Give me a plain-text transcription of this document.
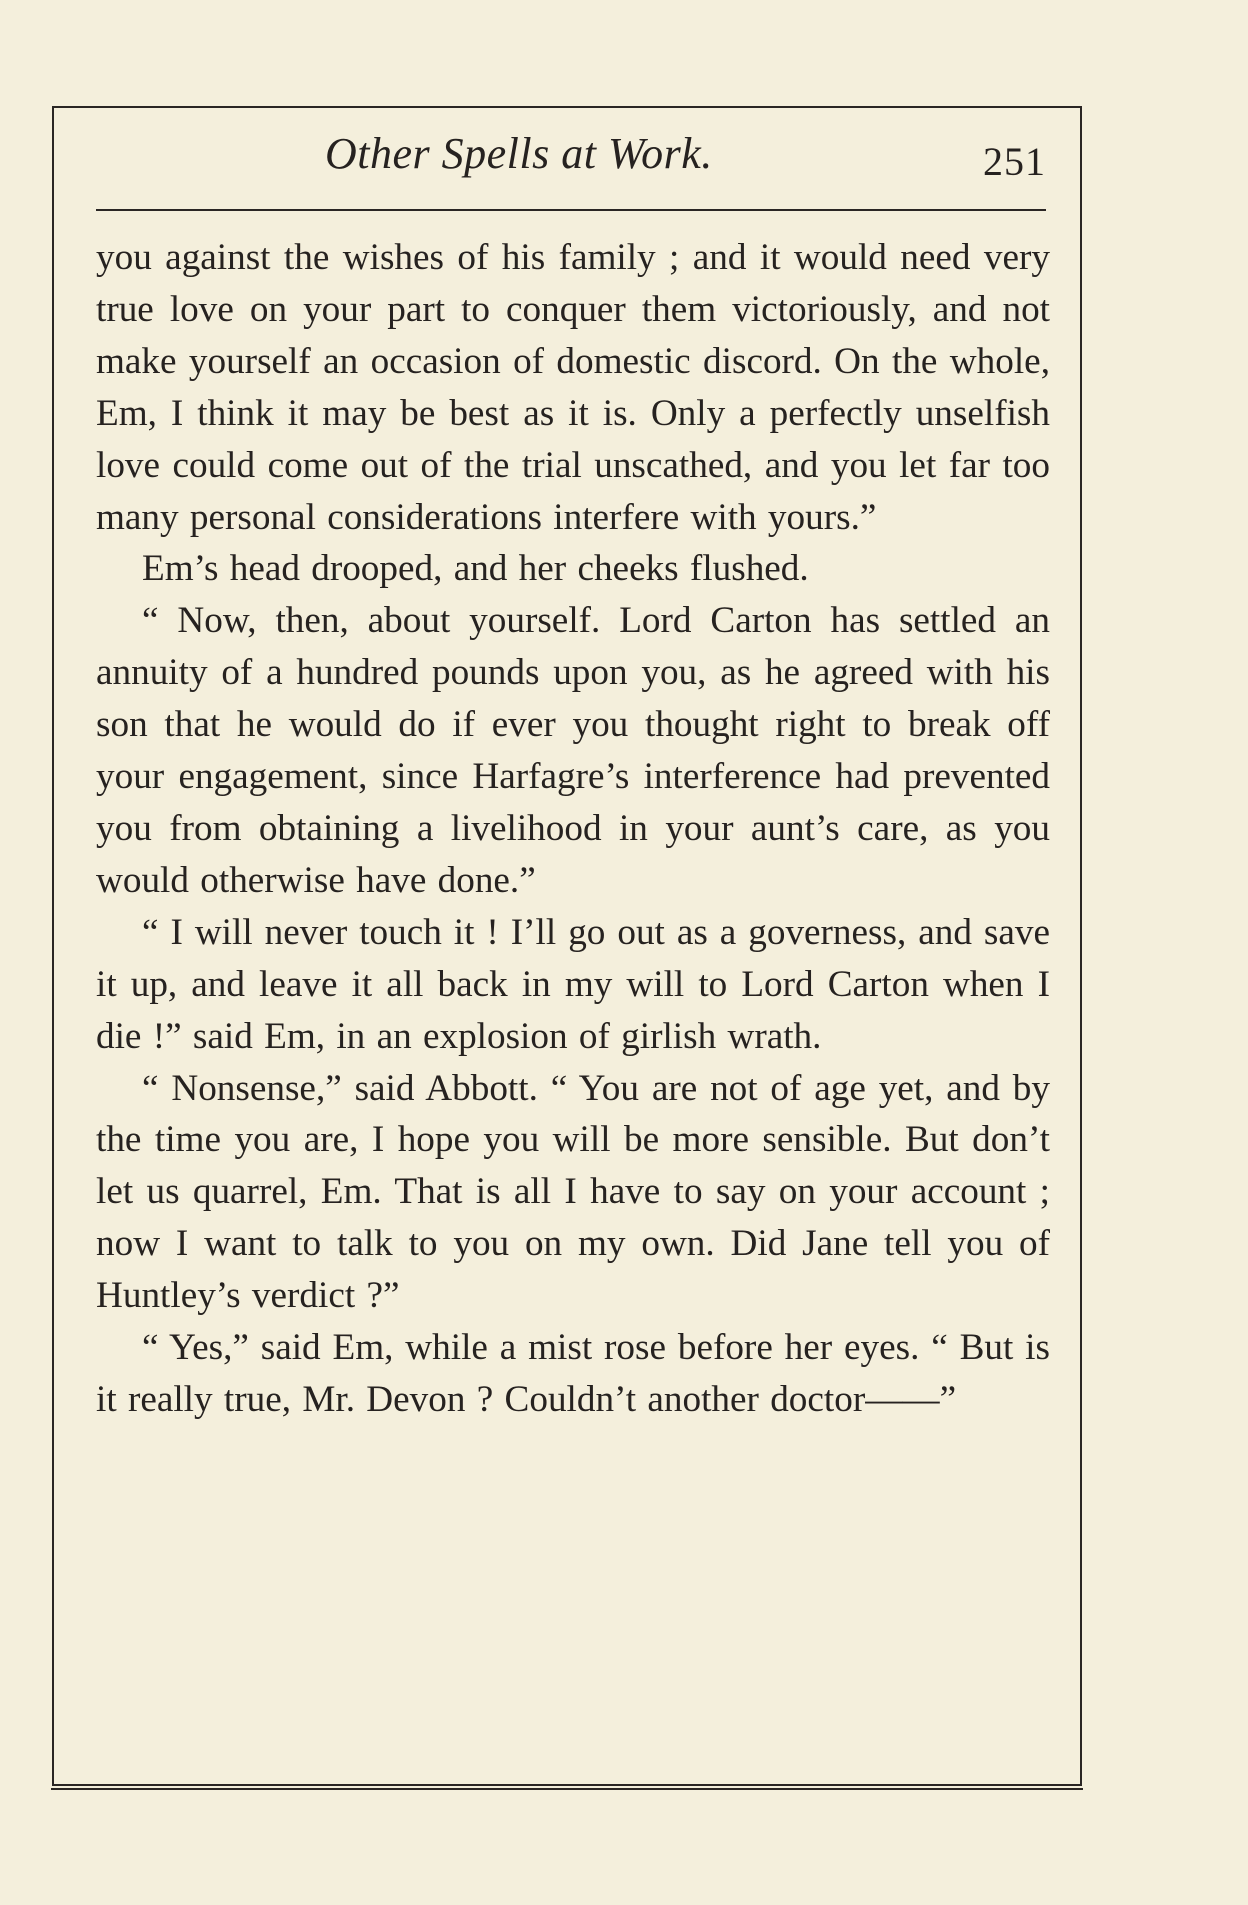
Other Spells at Work.	251

you against the wishes of his family ; and it would need very true love on your part to conquer them victoriously, and not make yourself an occasion of domestic discord. On the whole, Em, I think it may be best as it is. Only a perfectly unselfish love could come out of the trial unscathed, and you let far too many personal considerations interfere with yours.”

Em’s head drooped, and her cheeks flushed.

“ Now, then, about yourself. Lord Carton has settled an annuity of a hundred pounds upon you, as he agreed with his son that he would do if ever you thought right to break off your engagement, since Harfagre’s interference had prevented you from obtaining a livelihood in your aunt’s care, as you would otherwise have done.”

“ I will never touch it ! I’ll go out as a governess, and save it up, and leave it all back in my will to Lord Carton when I die !” said Em, in an explosion of girlish wrath.

“ Nonsense,” said Abbott. “ You are not of age yet, and by the time you are, I hope you will be more sensible. But don’t let us quarrel, Em. That is all I have to say on your account ; now I want to talk to you on my own. Did Jane tell you of Huntley’s verdict ?”

“ Yes,” said Em, while a mist rose before her eyes. “ But is it really true, Mr. Devon ? Couldn’t another doctor——”
